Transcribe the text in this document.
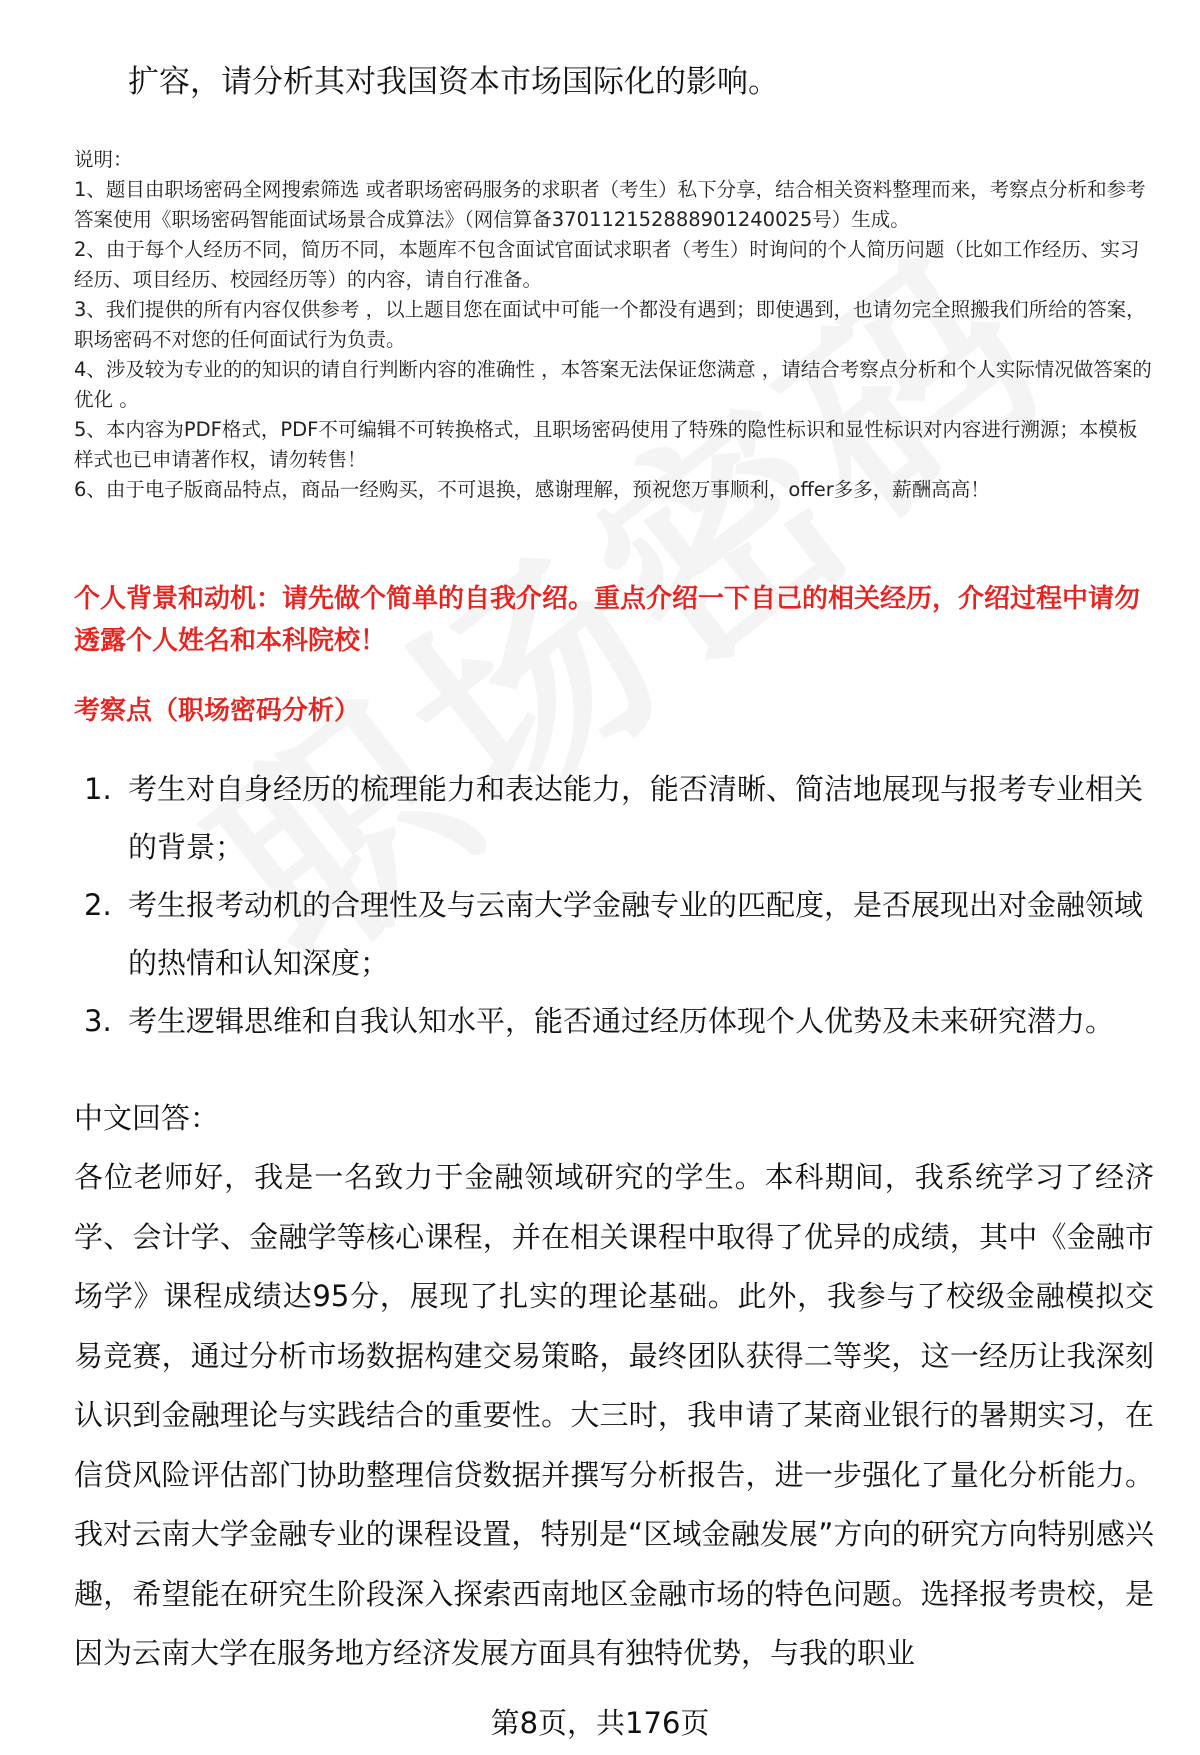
扩容，请分析其对我国资本市场国际化的影响。

说明：

1、题目由职场密码全网搜索筛选 或者职场密码服务的求职者（考生）私下分享，结合相关资料整理而来，考察点分析和参考答案使用《职场密码智能面试场景合成算法》（网信算备370112152888901240025号）生成。

2、由于每个人经历不同，简历不同，本题库不包含面试官面试求职者（考生）时询问的个人简历问题（比如工作经历、实习经历、项目经历、校园经历等）的内容，请自行准备。

3、我们提供的所有内容仅供参考 ，以上题目您在面试中可能一个都没有遇到；即使遇到，也请勿完全照搬我们所给的答案，职场密码不对您的任何面试行为负责。

4、涉及较为专业的的知识的请自行判断内容的准确性 ，本答案无法保证您满意 ，请结合考察点分析和个人实际情况做答案的优化 。

5、本内容为PDF格式，PDF不可编辑不可转换格式，且职场密码使用了特殊的隐性标识和显性标识对内容进行溯源；本模板样式也已申请著作权，请勿转售！

6、由于电子版商品特点，商品一经购买，不可退换，感谢理解，预祝您万事顺利，offer多多，薪酬高高！

个人背景和动机：请先做个简单的自我介绍。重点介绍一下自己的相关经历，介绍过程中请勿透露个人姓名和本科院校！
考察点（职场密码分析）
1. 考生对自身经历的梳理能力和表达能力，能否清晰、简洁地展现与报考专业相关的背景；
2. 考生报考动机的合理性及与云南大学金融专业的匹配度，是否展现出对金融领域的热情和认知深度；
3. 考生逻辑思维和自我认知水平，能否通过经历体现个人优势及未来研究潜力。
中文回答：

各位老师好，我是一名致力于金融领域研究的学生。本科期间，我系统学习了经济学、会计学、金融学等核心课程，并在相关课程中取得了优异的成绩，其中《金融市场学》课程成绩达95分，展现了扎实的理论基础。此外，我参与了校级金融模拟交易竞赛，通过分析市场数据构建交易策略，最终团队获得二等奖，这一经历让我深刻认识到金融理论与实践结合的重要性。大三时，我申请了某商业银行的暑期实习，在信贷风险评估部门协助整理信贷数据并撰写分析报告，进一步强化了量化分析能力。我对云南大学金融专业的课程设置，特别是“区域金融发展”方向的研究方向特别感兴趣，希望能在研究生阶段深入探索西南地区金融市场的特色问题。选择报考贵校，是因为云南大学在服务地方经济发展方面具有独特优势，与我的职业

第8页，共176页
